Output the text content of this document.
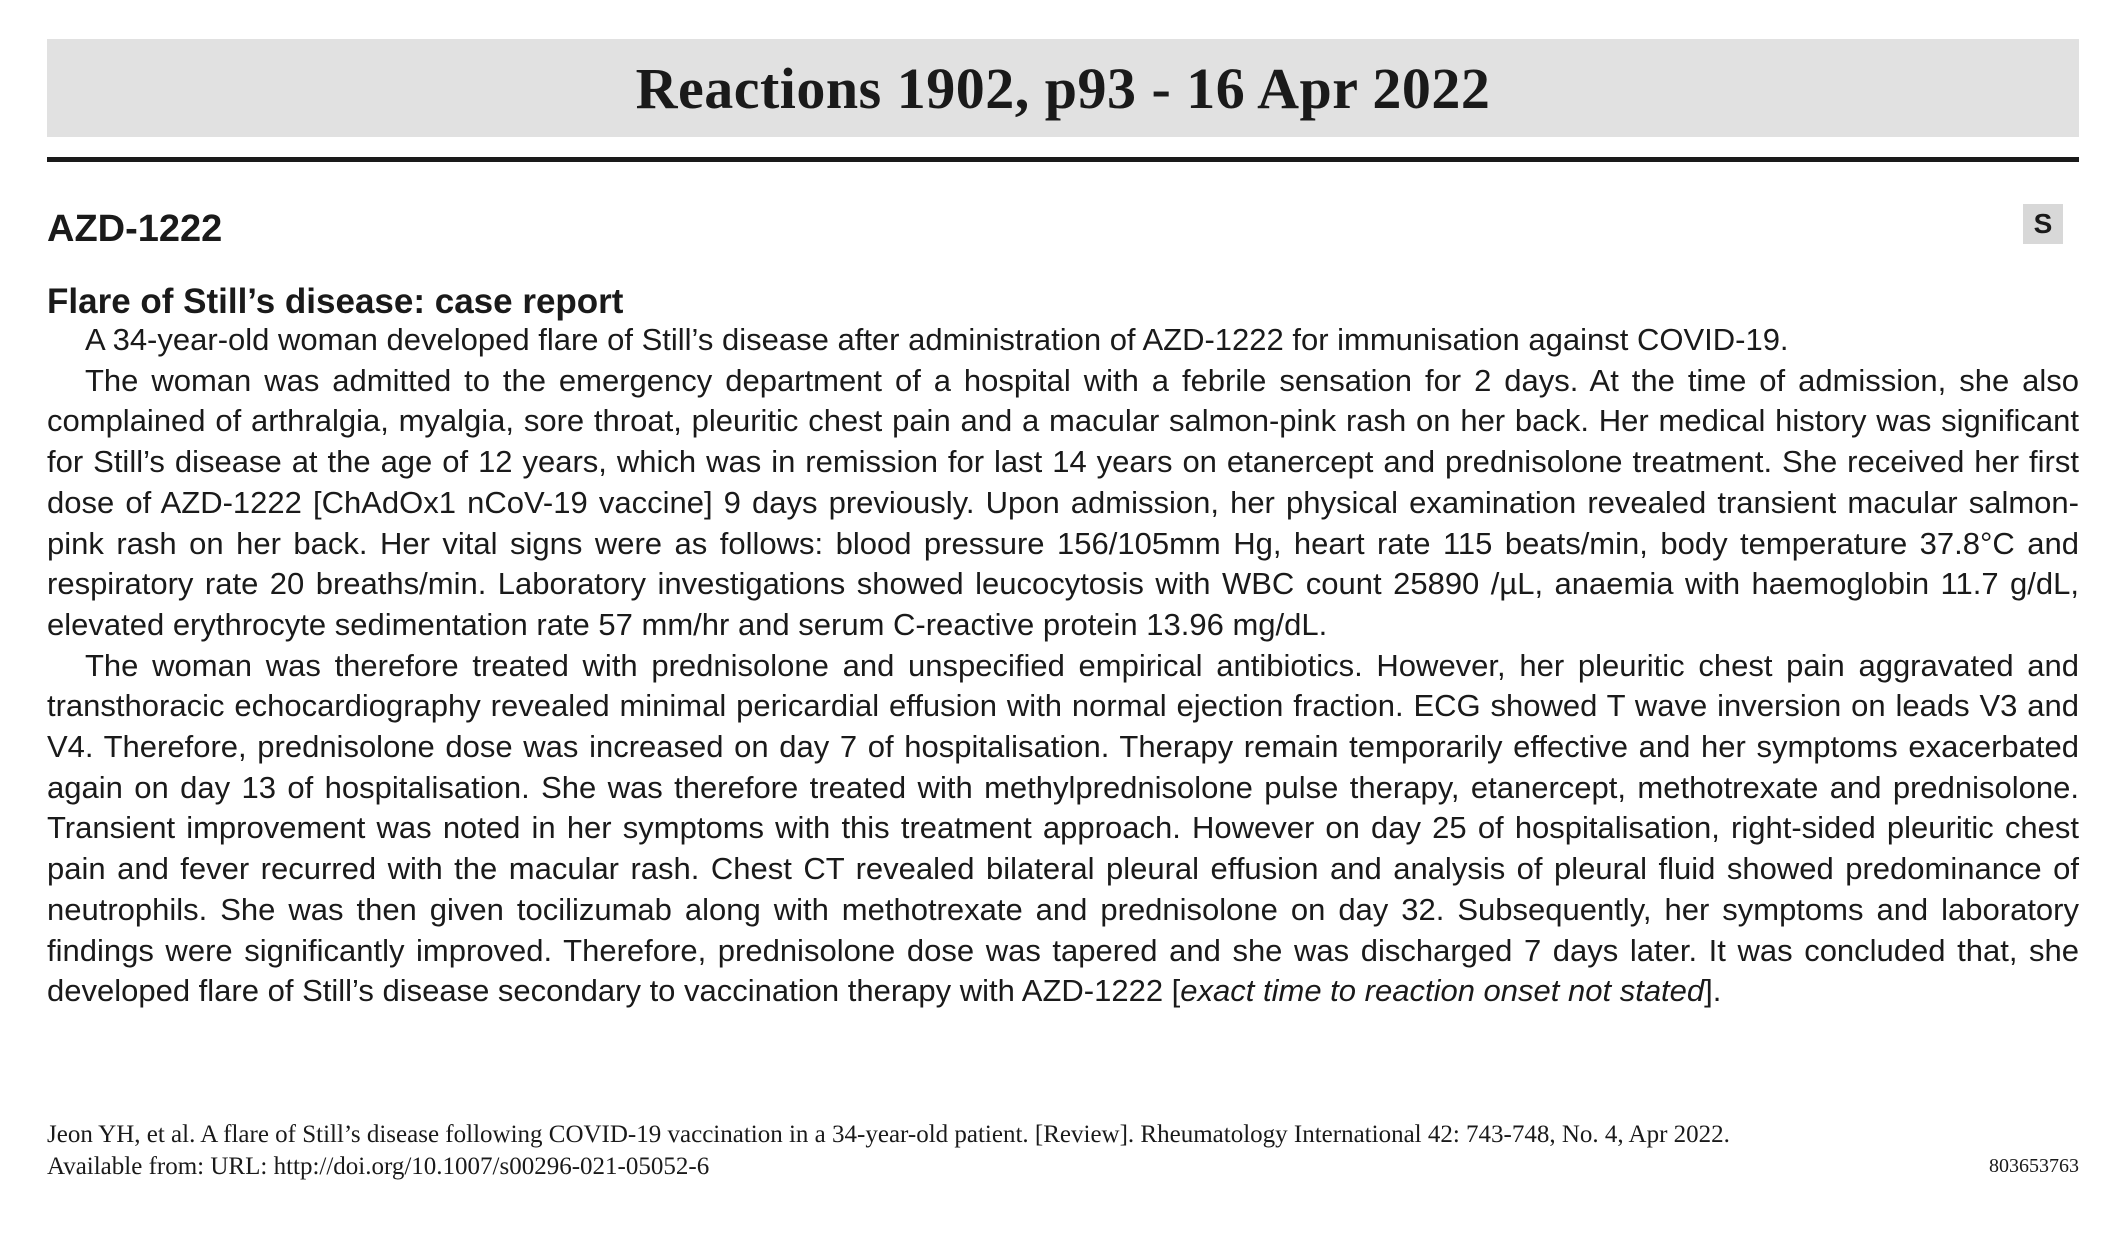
Reactions 1902, p93 - 16 Apr 2022
AZD-1222	S
Flare of Still’s disease: case report

A 34-year-old woman developed flare of Still’s disease after administration of AZD-1222 for immunisation against COVID-19.

The woman was admitted to the emergency department of a hospital with a febrile sensation for 2 days. At the time of admission, she also complained of arthralgia, myalgia, sore throat, pleuritic chest pain and a macular salmon-pink rash on her back. Her medical history was significant for Still’s disease at the age of 12 years, which was in remission for last 14 years on etanercept and prednisolone treatment. She received her first dose of AZD-1222 [ChAdOx1 nCoV-19 vaccine] 9 days previously. Upon admission, her physical examination revealed transient macular salmon-pink rash on her back. Her vital signs were as follows: blood pressure 156/105mm Hg, heart rate 115 beats/min, body temperature 37.8°C and respiratory rate 20 breaths/min. Laboratory investigations showed leucocytosis with WBC count 25890 /µL, anaemia with haemoglobin 11.7 g/dL, elevated erythrocyte sedimentation rate 57 mm/hr and serum C-reactive protein 13.96 mg/dL.

The woman was therefore treated with prednisolone and unspecified empirical antibiotics. However, her pleuritic chest pain aggravated and transthoracic echocardiography revealed minimal pericardial effusion with normal ejection fraction. ECG showed T wave inversion on leads V3 and V4. Therefore, prednisolone dose was increased on day 7 of hospitalisation. Therapy remain temporarily effective and her symptoms exacerbated again on day 13 of hospitalisation. She was therefore treated with methylprednisolone pulse therapy, etanercept, methotrexate and prednisolone. Transient improvement was noted in her symptoms with this treatment approach. However on day 25 of hospitalisation, right-sided pleuritic chest pain and fever recurred with the macular rash. Chest CT revealed bilateral pleural effusion and analysis of pleural fluid showed predominance of neutrophils. She was then given tocilizumab along with methotrexate and prednisolone on day 32. Subsequently, her symptoms and laboratory findings were significantly improved. Therefore, prednisolone dose was tapered and she was discharged 7 days later. It was concluded that, she developed flare of Still’s disease secondary to vaccination therapy with AZD-1222 [exact time to reaction onset not stated].

Jeon YH, et al. A flare of Still’s disease following COVID-19 vaccination in a 34-year-old patient. [Review]. Rheumatology International 42: 743-748, No. 4, Apr 2022.
Available from: URL: http://doi.org/10.1007/s00296-021-05052-6	803653763
